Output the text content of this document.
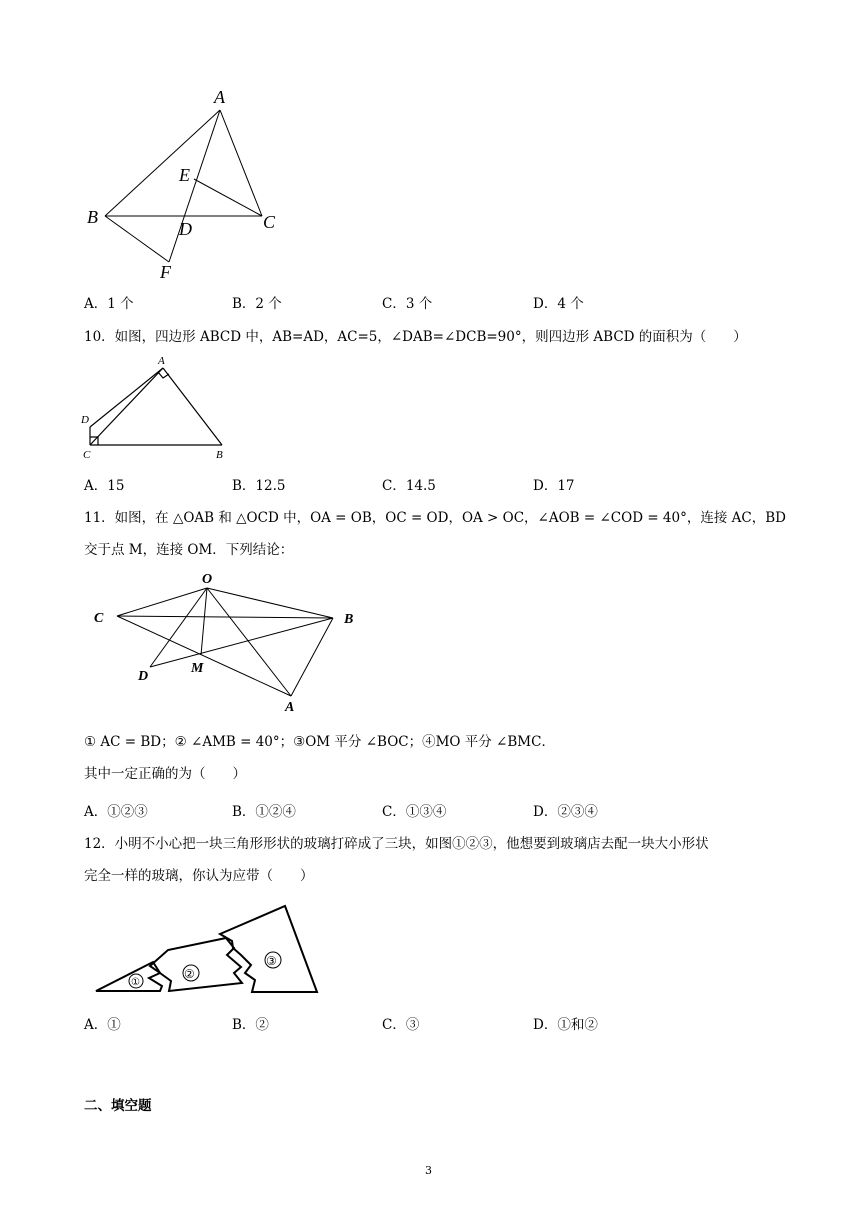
A
B	C
D
E
F
A．1 个	B．2 个	C．3 个	D．4 个
10．如图，四边形 ABCD 中，AB=AD，AC=5，∠DAB=∠DCB=90°，则四边形 ABCD 的面积为（　　）
A
D
C	B
A．15	B．12.5	C．14.5	D．17
11．如图，在 △OAB 和 △OCD 中，OA = OB，OC = OD，OA > OC，∠AOB = ∠COD = 40°，连接 AC，BD
交于点 M，连接 OM．下列结论：
O
C	B
D
M
A
① AC = BD；② ∠AMB = 40°；③OM 平分 ∠BOC；④MO 平分 ∠BMC．
其中一定正确的为（　　）
A．①②③	B．①②④	C．①③④	D．②③④
12．小明不小心把一块三角形形状的玻璃打碎成了三块，如图①②③，他想要到玻璃店去配一块大小形状
完全一样的玻璃，你认为应带（　　）
①
②
③
A．①	B．②	C．③	D．①和②
二、填空题
3
